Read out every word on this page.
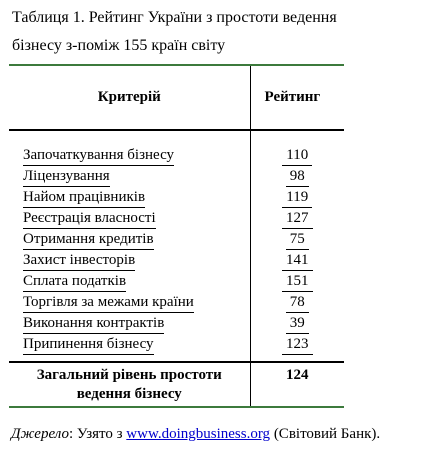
Таблиця 1. Рейтинг України з простоти ведення
бізнесу з-поміж 155 країн світу
Критерій	Рейтинг

Започаткування бізнесу	110
Ліцензування	98
Найом працівників	119
Реєстрація власності	127
Отримання кредитів	75
Захист інвесторів	141
Сплата податків	151
Торгівля за межами країни	78
Виконання контрактів	39
Припинення бізнесу	123

Загальний рівень простоти
ведення бізнесу	124
Джерело: Узято з www.doingbusiness.org (Світовий Банк).
